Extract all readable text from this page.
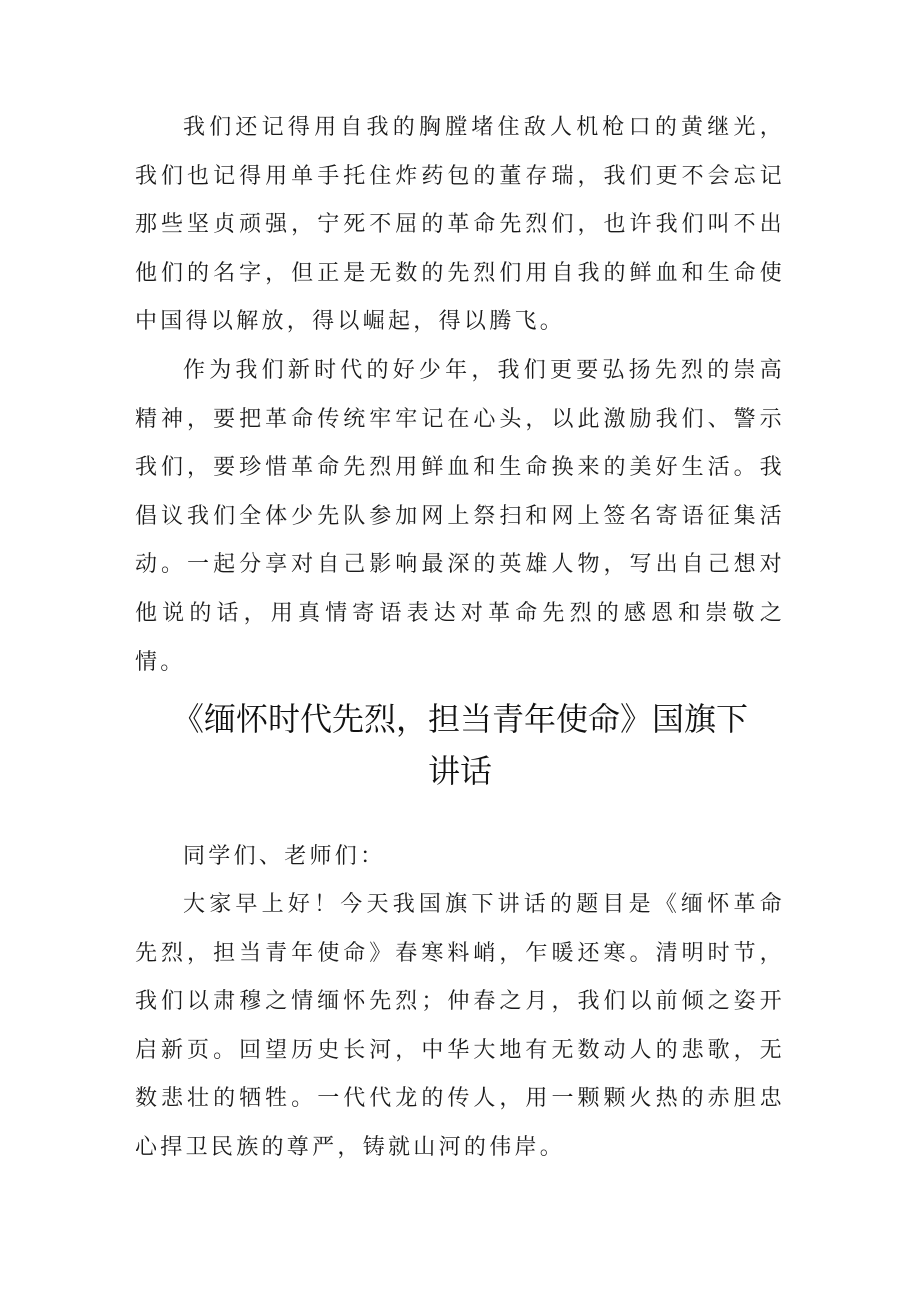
我们还记得用自我的胸膛堵住敌人机枪口的黄继光，我们也记得用单手托住炸药包的董存瑞，我们更不会忘记那些坚贞顽强，宁死不屈的革命先烈们，也许我们叫不出他们的名字，但正是无数的先烈们用自我的鲜血和生命使中国得以解放，得以崛起，得以腾飞。

作为我们新时代的好少年，我们更要弘扬先烈的崇高精神，要把革命传统牢牢记在心头，以此激励我们、警示我们，要珍惜革命先烈用鲜血和生命换来的美好生活。我倡议我们全体少先队参加网上祭扫和网上签名寄语征集活动。一起分享对自己影响最深的英雄人物，写出自己想对他说的话，用真情寄语表达对革命先烈的感恩和崇敬之情。

《缅怀时代先烈，担当青年使命》国旗下
讲话

同学们、老师们：

大家早上好！今天我国旗下讲话的题目是《缅怀革命先烈，担当青年使命》春寒料峭，乍暖还寒。清明时节，我们以肃穆之情缅怀先烈；仲春之月，我们以前倾之姿开启新页。回望历史长河，中华大地有无数动人的悲歌，无数悲壮的牺牲。一代代龙的传人，用一颗颗火热的赤胆忠心捍卫民族的尊严，铸就山河的伟岸。
